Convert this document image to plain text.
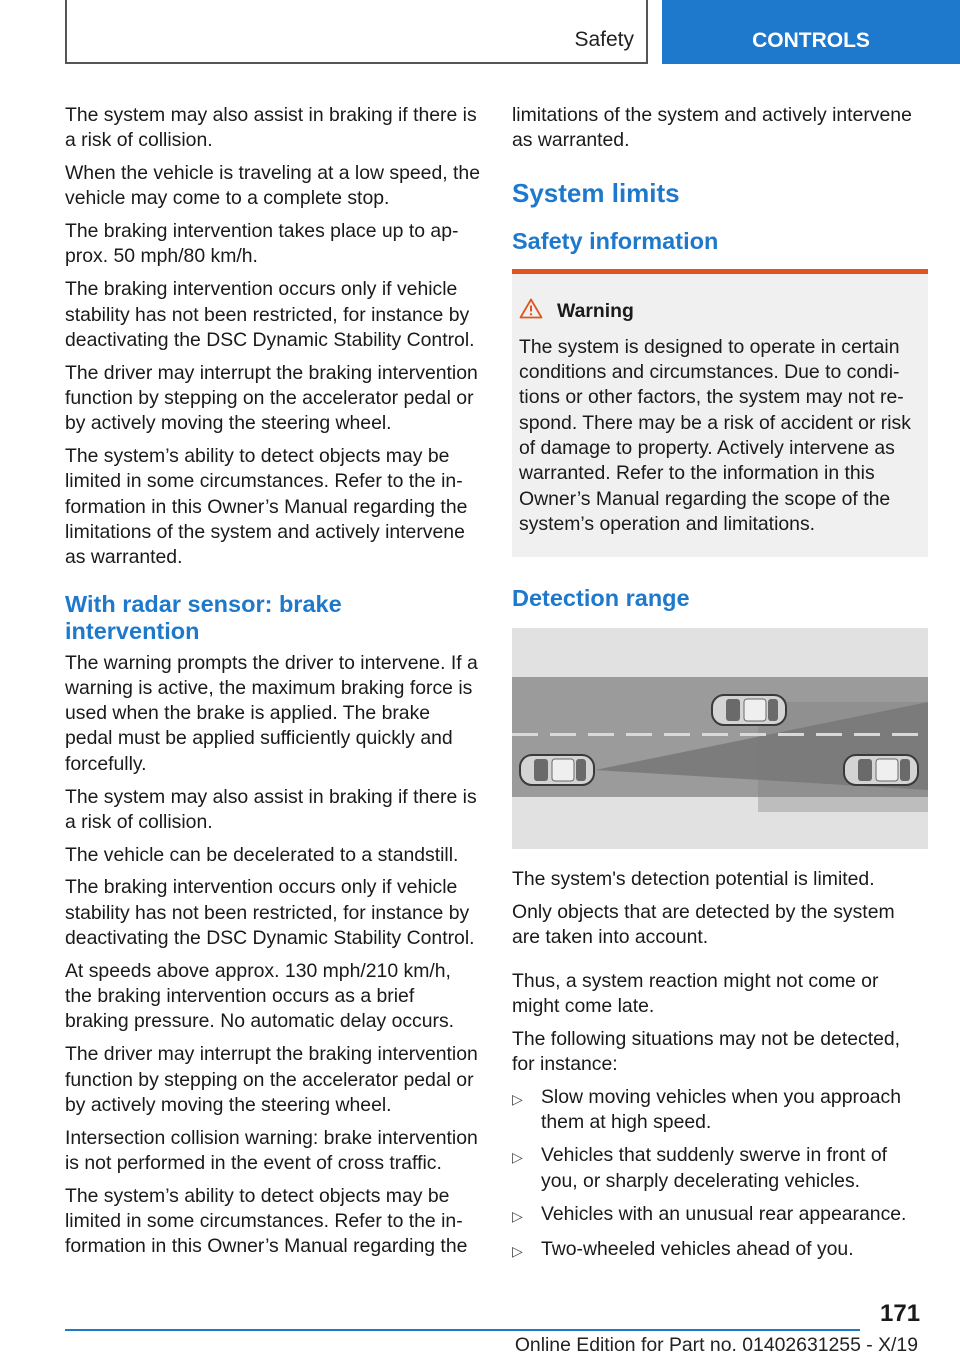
Safety	CONTROLS

The system may also assist in braking if there is a risk of collision.

When the vehicle is traveling at a low speed, the vehicle may come to a complete stop.

The braking intervention takes place up to approx. 50 mph/80 km/h.

The braking intervention occurs only if vehicle stability has not been restricted, for instance by deactivating the DSC Dynamic Stability Control.

The driver may interrupt the braking intervention function by stepping on the accelerator pedal or by actively moving the steering wheel.

The system’s ability to detect objects may be limited in some circumstances. Refer to the information in this Owner’s Manual regarding the limitations of the system and actively intervene as warranted.

With radar sensor: brake intervention

The warning prompts the driver to intervene. If a warning is active, the maximum braking force is used when the brake is applied. The brake pedal must be applied sufficiently quickly and forcefully.

The system may also assist in braking if there is a risk of collision.

The vehicle can be decelerated to a standstill.

The braking intervention occurs only if vehicle stability has not been restricted, for instance by deactivating the DSC Dynamic Stability Control.

At speeds above approx. 130 mph/210 km/h, the braking intervention occurs as a brief braking pressure. No automatic delay occurs.

The driver may interrupt the braking intervention function by stepping on the accelerator pedal or by actively moving the steering wheel.

Intersection collision warning: brake intervention is not performed in the event of cross traffic.

The system’s ability to detect objects may be limited in some circumstances. Refer to the information in this Owner’s Manual regarding the

limitations of the system and actively intervene as warranted.

System limits
Safety information
Warning
The system is designed to operate in certain conditions and circumstances. Due to conditions or other factors, the system may not respond. There may be a risk of accident or risk of damage to property. Actively intervene as warranted. Refer to the information in this Owner’s Manual regarding the scope of the system’s operation and limitations.
Detection range

The system's detection potential is limited.

Only objects that are detected by the system are taken into account.

Thus, a system reaction might not come or might come late.

The following situations may not be detected, for instance:

▷ Slow moving vehicles when you approach them at high speed.
▷ Vehicles that suddenly swerve in front of you, or sharply decelerating vehicles.
▷ Vehicles with an unusual rear appearance.
▷ Two-wheeled vehicles ahead of you.
171
Online Edition for Part no. 01402631255 - X/19
